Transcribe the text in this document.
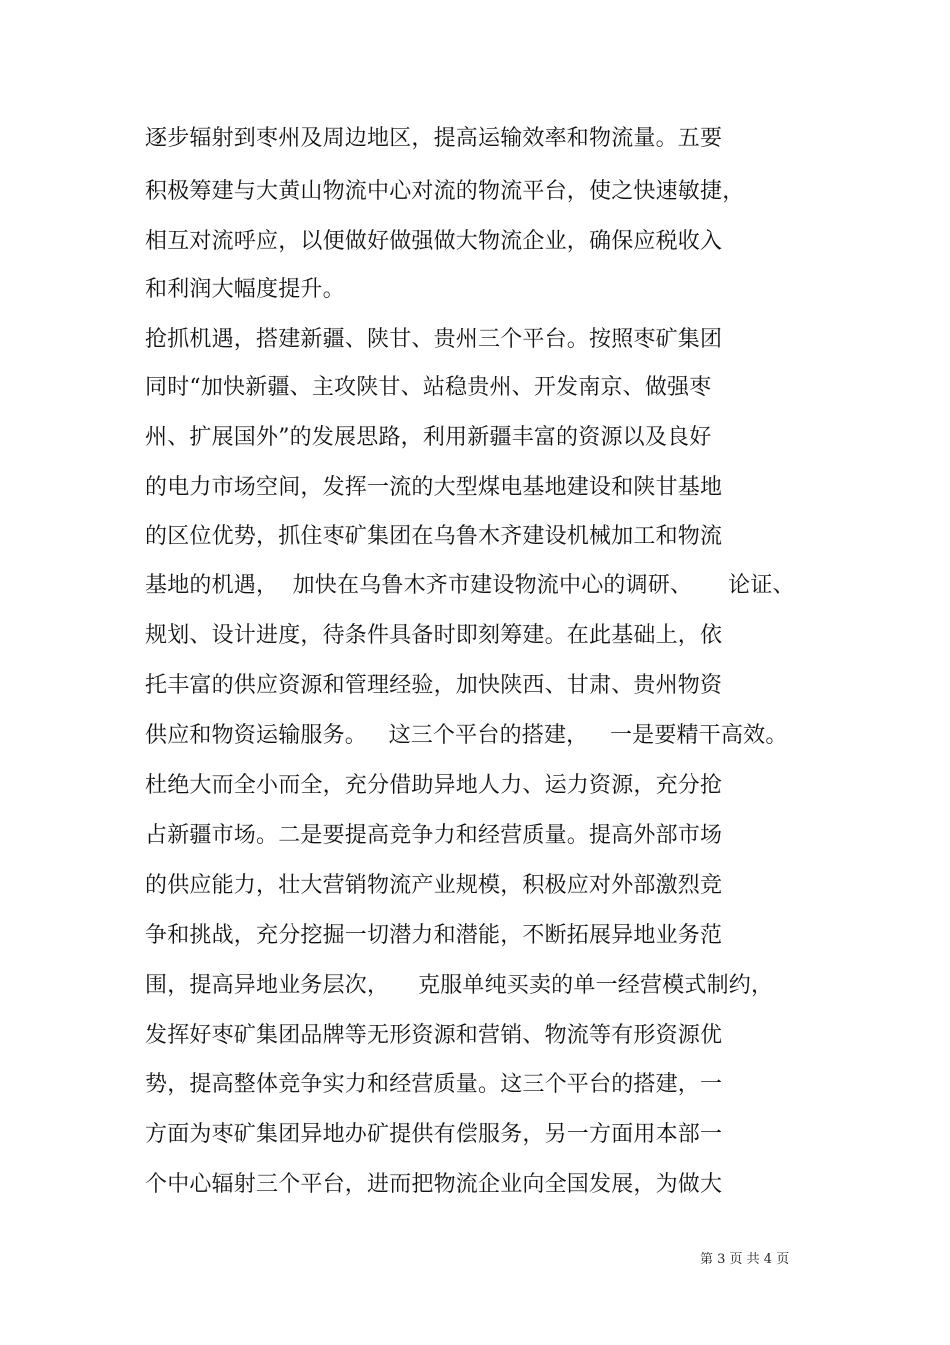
逐步辐射到枣州及周边地区，提高运输效率和物流量。五要
积极筹建与大黄山物流中心对流的物流平台，使之快速敏捷，
相互对流呼应，以便做好做强做大物流企业，确保应税收入
和利润大幅度提升。
抢抓机遇，搭建新疆、陕甘、贵州三个平台。按照枣矿集团
同时“加快新疆、主攻陕甘、站稳贵州、开发南京、做强枣
州、扩展国外”的发展思路，利用新疆丰富的资源以及良好
的电力市场空间，发挥一流的大型煤电基地建设和陕甘基地
的区位优势，抓住枣矿集团在乌鲁木齐建设机械加工和物流
基地的机遇，  加快在乌鲁木齐市建设物流中心的调研、     论证、
规划、设计进度，待条件具备时即刻筹建。在此基础上，依
托丰富的供应资源和管理经验，加快陕西、甘肃、贵州物资
供应和物资运输服务。   这三个平台的搭建，   一是要精干高效。
杜绝大而全小而全，充分借助异地人力、运力资源，充分抢
占新疆市场。二是要提高竞争力和经营质量。提高外部市场
的供应能力，壮大营销物流产业规模，积极应对外部激烈竞
争和挑战，充分挖掘一切潜力和潜能，不断拓展异地业务范
围，提高异地业务层次，    克服单纯买卖的单一经营模式制约，
发挥好枣矿集团品牌等无形资源和营销、物流等有形资源优
势，提高整体竞争实力和经营质量。这三个平台的搭建，一
方面为枣矿集团异地办矿提供有偿服务，另一方面用本部一
个中心辐射三个平台，进而把物流企业向全国发展，为做大
第 3 页 共 4 页
